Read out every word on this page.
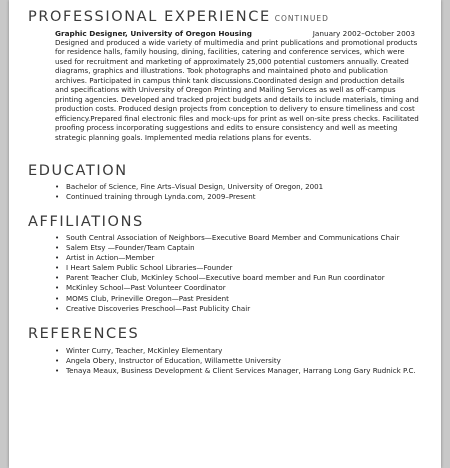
PROFESSIONAL EXPERIENCE CONTINUED
Graphic Designer, University of Oregon Housing	January 2002–October 2003
Designed and produced a wide variety of multimedia and print publications and promotional products
for residence halls, family housing, dining, facilities, catering and conference services, which were
used for recruitment and marketing of approximately 25,000 potential customers annually. Created
diagrams, graphics and illustrations. Took photographs and maintained photo and publication
archives. Participated in campus think tank discussions.Coordinated design and production details
and specifications with University of Oregon Printing and Mailing Services as well as off-campus
printing agencies. Developed and tracked project budgets and details to include materials, timing and
production costs. Produced design projects from conception to delivery to ensure timeliness and cost
efficiency.Prepared final electronic files and mock-ups for print as well on-site press checks. Facilitated
proofing process incorporating suggestions and edits to ensure consistency and well as meeting
strategic planning goals. Implemented media relations plans for events.
EDUCATION
• Bachelor of Science, Fine Arts–Visual Design, University of Oregon, 2001
• Continued training through Lynda.com, 2009–Present
AFFILIATIONS
• South Central Association of Neighbors—Executive Board Member and Communications Chair
• Salem Etsy —Founder/Team Captain
• Artist in Action—Member
• I Heart Salem Public School Libraries—Founder
• Parent Teacher Club, McKinley School—Executive board member and Fun Run coordinator
• McKinley School—Past Volunteer Coordinator
• MOMS Club, Prineville Oregon—Past President
• Creative Discoveries Preschool—Past Publicity Chair
REFERENCES
• Winter Curry, Teacher, McKinley Elementary
• Angela Obery, Instructor of Education, Willamette University
• Tenaya Meaux, Business Development & Client Services Manager, Harrang Long Gary Rudnick P.C.
